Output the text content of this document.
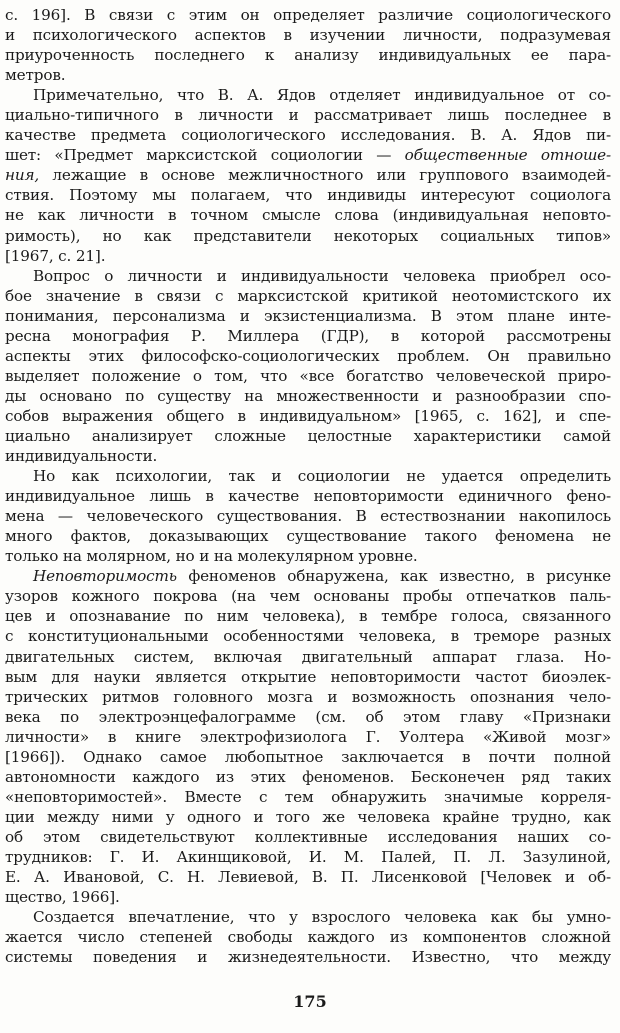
с. 196]. В связи с этим он определяет различие социологического
и психологического аспектов в изучении личности, подразумевая
приуроченность последнего к анализу индивидуальных ее пара-
метров.
Примечательно, что В. А. Ядов отделяет индивидуальное от со-
циально-типичного в личности и рассматривает лишь последнее в
качестве предмета социологического исследования. В. А. Ядов пи-
шет: «Предмет марксистской социологии — общественные отноше-
ния, лежащие в основе межличностного или группового взаимодей-
ствия. Поэтому мы полагаем, что индивиды интересуют социолога
не как личности в точном смысле слова (индивидуальная неповто-
римость), но как представители некоторых социальных типов»
[1967, с. 21].
Вопрос о личности и индивидуальности человека приобрел осо-
бое значение в связи с марксистской критикой неотомистского их
понимания, персонализма и экзистенциализма. В этом плане инте-
ресна монография Р. Миллера (ГДР), в которой рассмотрены
аспекты этих философско-социологических проблем. Он правильно
выделяет положение о том, что «все богатство человеческой приро-
ды основано по существу на множественности и разнообразии спо-
собов выражения общего в индивидуальном» [1965, с. 162], и спе-
циально анализирует сложные целостные характеристики самой
индивидуальности.
Но как психологии, так и социологии не удается определить
индивидуальное лишь в качестве неповторимости единичного фено-
мена — человеческого существования. В естествознании накопилось
много фактов, доказывающих существование такого феномена не
только на молярном, но и на молекулярном уровне.
Неповторимость феноменов обнаружена, как известно, в рисунке
узоров кожного покрова (на чем основаны пробы отпечатков паль-
цев и опознавание по ним человека), в тембре голоса, связанного
с конституциональными особенностями человека, в треморе разных
двигательных систем, включая двигательный аппарат глаза. Но-
вым для науки является открытие неповторимости частот биоэлек-
трических ритмов головного мозга и возможность опознания чело-
века по электроэнцефалограмме (см. об этом главу «Признаки
личности» в книге электрофизиолога Г. Уолтера «Живой мозг»
[1966]). Однако самое любопытное заключается в почти полной
автономности каждого из этих феноменов. Бесконечен ряд таких
«неповторимостей». Вместе с тем обнаружить значимые корреля-
ции между ними у одного и того же человека крайне трудно, как
об этом свидетельствуют коллективные исследования наших со-
трудников: Г. И. Акинщиковой, И. М. Палей, П. Л. Зазулиной,
Е. А. Ивановой, С. Н. Левиевой, В. П. Лисенковой [Человек и об-
щество, 1966].
Создается впечатление, что у взрослого человека как бы умно-
жается число степеней свободы каждого из компонентов сложной
системы поведения и жизнедеятельности. Известно, что между
175
